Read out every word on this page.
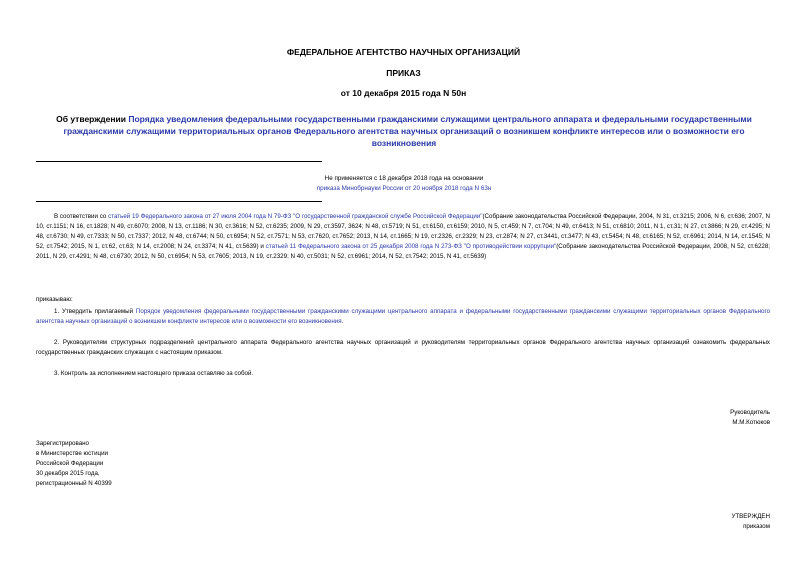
ФЕДЕРАЛЬНОЕ АГЕНТСТВО НАУЧНЫХ ОРГАНИЗАЦИЙ
ПРИКАЗ
от 10 декабря 2015 года N 50н
Об утверждении Порядка уведомления федеральными государственными гражданскими служащими центрального аппарата и федеральными государственными гражданскими служащими территориальных органов Федерального агентства научных организаций о возникшем конфликте интересов или о возможности его возникновения
Не применяется с 18 декабря 2018 года на основании
приказа Минобрнауки России от 20 ноября 2018 года N 63н
В соответствии со статьей 19 Федерального закона от 27 июля 2004 года N 79-ФЗ "О государственной гражданской службе Российской Федерации"(Собрание законодательства Российской Федерации, 2004, N 31, ст.3215; 2006, N 6, ст.636; 2007, N 10, ст.1151; N 16, ст.1828; N 49, ст.6070; 2008, N 13, ст.1186; N 30, ст.3616; N 52, ст.6235; 2009, N 29, ст.3597, 3624; N 48, ст.5719; N 51, ст.6150, ст.6159; 2010, N 5, ст.459; N 7, ст.704; N 49, ст.6413; N 51, ст.6810; 2011, N 1, ст.31; N 27, ст.3866; N 29, ст.4295; N 48, ст.6730; N 49, ст.7333; N 50, ст.7337; 2012, N 48, ст.6744; N 50, ст.6954; N 52, ст.7571; N 53, ст.7620, ст.7652; 2013, N 14, ст.1665; N 19, ст.2326, ст.2329; N 23, ст.2874; N 27, ст.3441, ст.3477; N 43, ст.5454; N 48, ст.6165; N 52, ст.6961; 2014, N 14, ст.1545; N 52, ст.7542; 2015, N 1, ст.62, ст.63; N 14, ст.2008; N 24, ст.3374; N 41, ст.5639) и статьей 11 Федерального закона от 25 декабря 2008 года N 273-ФЗ "О противодействии коррупции"(Собрание законодательства Российской Федерации, 2008, N 52, ст.6228; 2011, N 29, ст.4291; N 48, ст.6730; 2012, N 50, ст.6954; N 53, ст.7605; 2013, N 19, ст.2329; N 40, ст.5031; N 52, ст.6961; 2014, N 52, ст.7542; 2015, N 41, ст.5639)
приказываю:
1. Утвердить прилагаемый Порядок уведомления федеральными государственными гражданскими служащими центрального аппарата и федеральными государственными гражданскими служащими территориальных органов Федерального агентства научных организаций о возникшем конфликте интересов или о возможности его возникновения.
2. Руководителям структурных подразделений центрального аппарата Федерального агентства научных организаций и руководителям территориальных органов Федерального агентства научных организаций ознакомить федеральных государственных гражданских служащих с настоящим приказом.
3. Контроль за исполнением настоящего приказа оставляю за собой.
Руководитель
М.М.Котюков
Зарегистрировано
в Министерстве юстиции
Российской Федерации
30 декабря 2015 года,
регистрационный N 40399
УТВЕРЖДЕН
приказом
